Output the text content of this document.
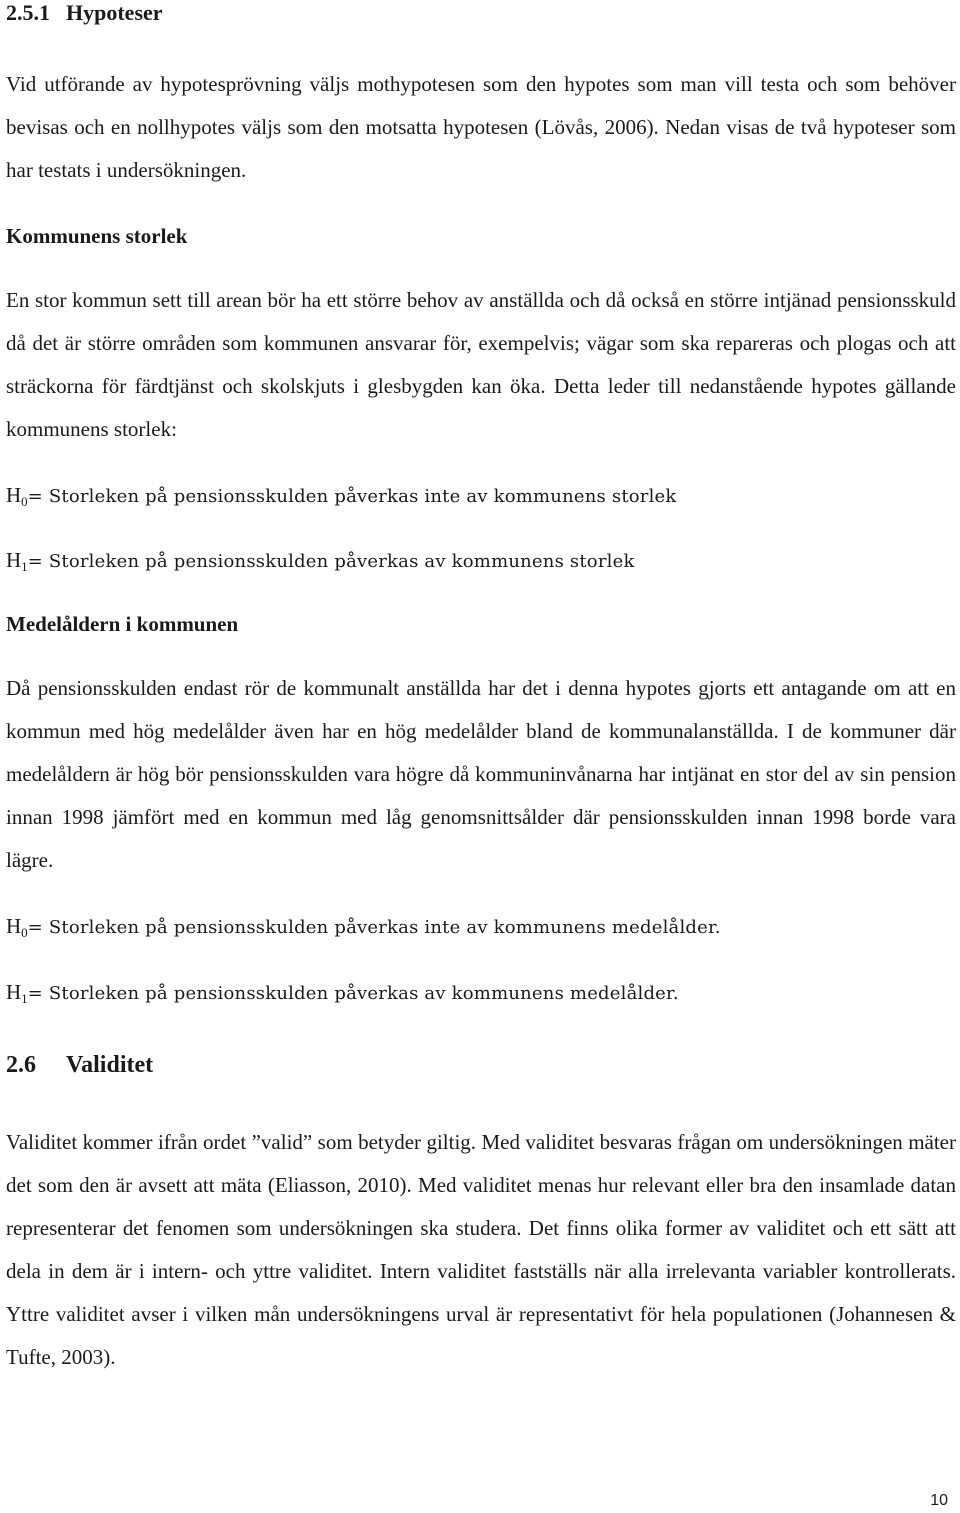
2.5.1 Hypoteser
Vid utförande av hypotesprövning väljs mothypotesen som den hypotes som man vill testa och som behöver bevisas och en nollhypotes väljs som den motsatta hypotesen (Lövås, 2006). Nedan visas de två hypoteser som har testats i undersökningen.
Kommunens storlek
En stor kommun sett till arean bör ha ett större behov av anställda och då också en större intjänad pensionsskuld då det är större områden som kommunen ansvarar för, exempelvis; vägar som ska repareras och plogas och att sträckorna för färdtjänst och skolskjuts i glesbygden kan öka. Detta leder till nedanstående hypotes gällande kommunens storlek:
$H_0=$ Storleken på pensionsskulden påverkas inte av kommunens storlek
$H_1=$ Storleken på pensionsskulden påverkas av kommunens storlek
Medelåldern i kommunen
Då pensionsskulden endast rör de kommunalt anställda har det i denna hypotes gjorts ett antagande om att en kommun med hög medelålder även har en hög medelålder bland de kommunalanställda. I de kommuner där medelåldern är hög bör pensionsskulden vara högre då kommuninvånarna har intjänat en stor del av sin pension innan 1998 jämfört med en kommun med låg genomsnittsålder där pensionsskulden innan 1998 borde vara lägre.
$H_0=$ Storleken på pensionsskulden påverkas inte av kommunens medelålder.
$H_1=$ Storleken på pensionsskulden påverkas av kommunens medelålder.
2.6 Validitet
Validitet kommer ifrån ordet ”valid” som betyder giltig. Med validitet besvaras frågan om undersökningen mäter det som den är avsett att mäta (Eliasson, 2010). Med validitet menas hur relevant eller bra den insamlade datan representerar det fenomen som undersökningen ska studera. Det finns olika former av validitet och ett sätt att dela in dem är i intern- och yttre validitet. Intern validitet fastställs när alla irrelevanta variabler kontrollerats. Yttre validitet avser i vilken mån undersökningens urval är representativt för hela populationen (Johannesen & Tufte, 2003).
10
